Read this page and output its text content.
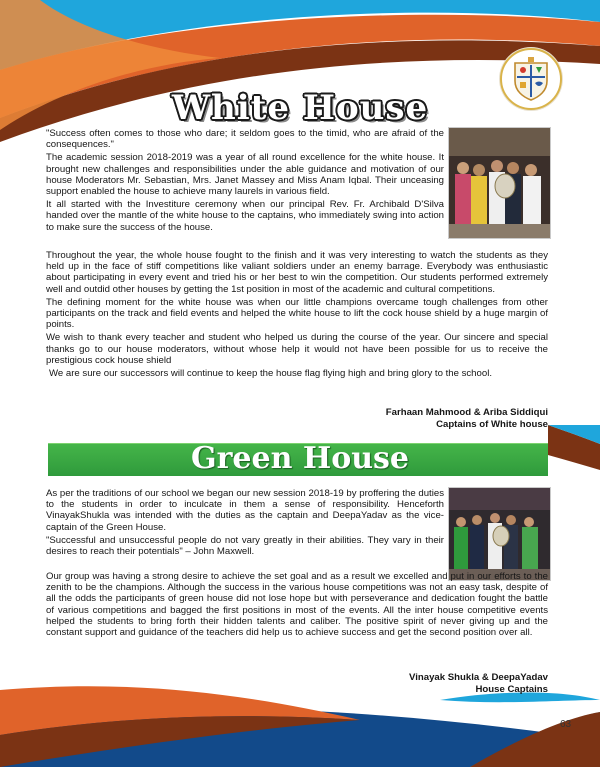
White House

"Success often comes to those who dare; it seldom goes to the timid, who are afraid of the consequences."

The academic session 2018-2019 was a year of all round excellence for the white house. It brought new challenges and responsibilities under the able guidance and motivation of our house Moderators Mr. Sebastian, Mrs. Janet Massey and Miss Anam Iqbal. Their unceasing support enabled the house to achieve many laurels in various field.

It all started with the Investiture ceremony when our principal Rev. Fr. Archibald D'Silva handed over the mantle of the white house to the captains, who immediately swing into action to make sure the success of the house.

Throughout the year, the whole house fought to the finish and it was very interesting to watch the students as they held up in the face of stiff competitions like valiant soldiers under an enemy barrage. Everybody was enthusiastic about participating in every event and tried his or her best to win the competition. Our students performed extremely well and outdid other houses by getting the 1st position in most of the academic and cultural competitions.

The defining moment for the white house was when our little champions overcame tough challenges from other participants on the track and field events and helped the white house to lift the cock house shield by a huge margin of points.

We wish to thank every teacher and student who helped us during the course of the year. Our sincere and special thanks go to our house moderators, without whose help it would not have been possible for us to receive the prestigious cock house shield

We are sure our successors will continue to keep the house flag flying high and bring glory to the school.

Farhaan Mahmood & Ariba Siddiqui
Captains of White house
Green House

As per the traditions of our school we began our new session 2018-19 by proffering the duties to the students in order to inculcate in them a sense of responsibility. Henceforth VinayakShukla was intended with the duties as the captain and DeepaYadav as the vice-captain of the Green House.

"Successful and unsuccessful people do not vary greatly in their abilities. They vary in their desires to reach their potentials" – John Maxwell.

Our group was having a strong desire to achieve the set goal and as a result we excelled and put in our efforts to the zenith to be the champions. Although the success in the various house competitions was not an easy task, despite of all the odds the participants of green house did not lose hope but with perseverance and dedication fought the battle of various competitions and bagged the first positions in most of the events. All the inter house competitive events helped the students to bring forth their hidden talents and caliber. The positive spirit of never giving up and the constant support and guidance of the teachers did help us to achieve success and get the second position over all.

Vinayak Shukla & DeepaYadav
House Captains
63
